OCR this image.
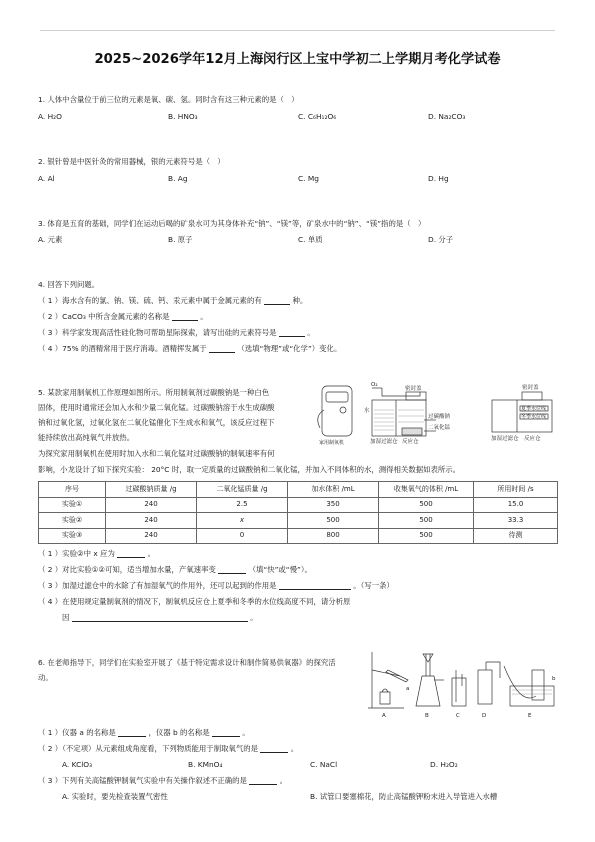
2025~2026学年12月上海闵行区上宝中学初二上学期月考化学试卷
1. 人体中含量位于前三位的元素是氧、碳、氢。同时含有这三种元素的是（　）
A. H₂O	B. HNO₃	C. C₆H₁₂O₆	D. Na₂CO₃
2. 银针曾是中医针灸的常用器械，银的元素符号是（　）
A. Al	B. Ag	C. Mg	D. Hg
3. 体育是五育的基础，同学们在运动后喝的矿泉水可为其身体补充“钠”、“镁”等，矿泉水中的“钠”、“镁”指的是（　）
A. 元素	B. 原子	C. 单质	D. 分子
4. 回答下列问题。
（ 1 ）海水含有的氯、钠、镁、硫、钙、汞元素中属于金属元素的有	种。
（ 2 ）CaCO₃ 中所含金属元素的名称是	。
（ 3 ）科学家发现高活性硅化物可帮助星际探索，请写出硅的元素符号是	。
（ 4 ）75% 的酒精常用于医疗消毒。酒精挥发属于	（选填“物理”或“化学”）变化。
5. 某款家用制氧机工作原理如图所示。所用制氧剂过碳酸钠是一种白色
固体，使用时通常还会加入水和少量二氧化锰。过碳酸钠溶于水生成碳酸
钠和过氧化氢，过氧化氢在二氧化锰催化下生成水和氧气，该反应过程下
能持续放出高纯氧气并放热。
为探究家用制氧机在使用时加入水和二氧化锰对过碳酸钠的制氧速率有何
影响，小龙设计了如下探究实验： 20°C 时，取一定质量的过碳酸钠和二氧化锰，并加入不同体积的水，测得相关数据如表所示。
O₂
密封盖
水
过碳酸钠
二氧化锰
加湿过滤仓 反应仓
密封盖
夏季水位线
冬季水位线
加湿过滤仓 反应仓
家用制氧机
序号	过碳酸钠质量 /g	二氧化锰质量 /g	加水体积 /mL	收集氧气的体积 /mL	所用时间 /s
实验①	240	2.5	350	500	15.0
实验②	240	x	500	500	33.3
实验③	240	0	800	500	待测
（ 1 ）实验②中 x 应为	。
（ 2 ）对比实验①②可知，适当增加水量，产氧速率变	（填“快”或“慢”）。
（ 3 ）加湿过滤仓中的水除了有加湿氧气的作用外，还可以起到的作用是	。（写一条）
（ 4 ）在使用规定量制氧剂的情况下，制氧机反应仓上夏季和冬季的水位线高度不同，请分析原
因	。
6. 在老师指导下，同学们在实验室开展了《基于特定需求设计和制作简易供氧器》的探究活
动。
A	B	C	D	E
a
b
（ 1 ）仪器 a 的名称是	，仪器 b 的名称是	。
（ 2 ）（不定项）从元素组成角度看，下列物质能用于制取氧气的是	。
A. KClO₃	B. KMnO₄	C. NaCl	D. H₂O₂
（ 3 ）下列有关高锰酸钾制氧气实验中有关操作叙述不正确的是	。
A. 实验时，要先检查装置气密性	B. 试管口要塞棉花，防止高锰酸钾粉末进入导管进入水槽
